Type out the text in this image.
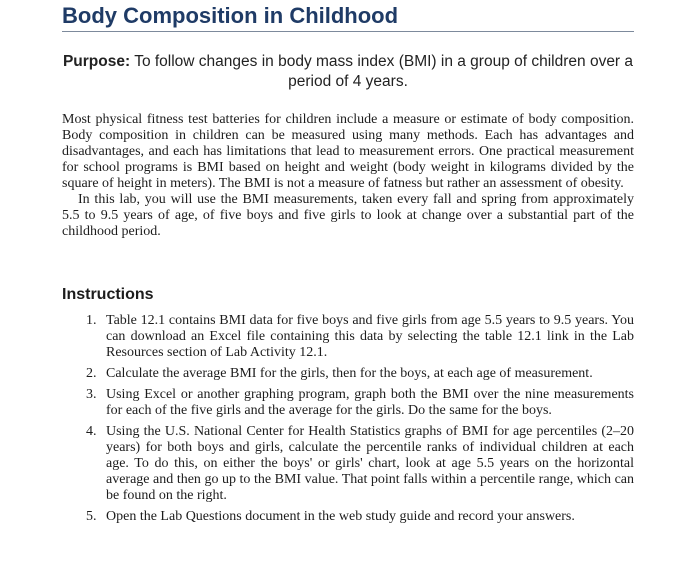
Body Composition in Childhood
Purpose: To follow changes in body mass index (BMI) in a group of children over a period of 4 years.

Most physical fitness test batteries for children include a measure or estimate of body composition. Body composition in children can be measured using many methods. Each has advantages and disadvantages, and each has limitations that lead to measurement errors. One practical measurement for school programs is BMI based on height and weight (body weight in kilograms divided by the square of height in meters). The BMI is not a measure of fatness but rather an assessment of obesity.

In this lab, you will use the BMI measurements, taken every fall and spring from approximately 5.5 to 9.5 years of age, of five boys and five girls to look at change over a substantial part of the childhood period.

Instructions
1. Table 12.1 contains BMI data for five boys and five girls from age 5.5 years to 9.5 years. You can download an Excel file containing this data by selecting the table 12.1 link in the Lab Resources section of Lab Activity 12.1.
2. Calculate the average BMI for the girls, then for the boys, at each age of measurement.
3. Using Excel or another graphing program, graph both the BMI over the nine measurements for each of the five girls and the average for the girls. Do the same for the boys.
4. Using the U.S. National Center for Health Statistics graphs of BMI for age percentiles (2–20 years) for both boys and girls, calculate the percentile ranks of individual children at each age. To do this, on either the boys' or girls' chart, look at age 5.5 years on the horizontal average and then go up to the BMI value. That point falls within a percentile range, which can be found on the right.
5. Open the Lab Questions document in the web study guide and record your answers.
